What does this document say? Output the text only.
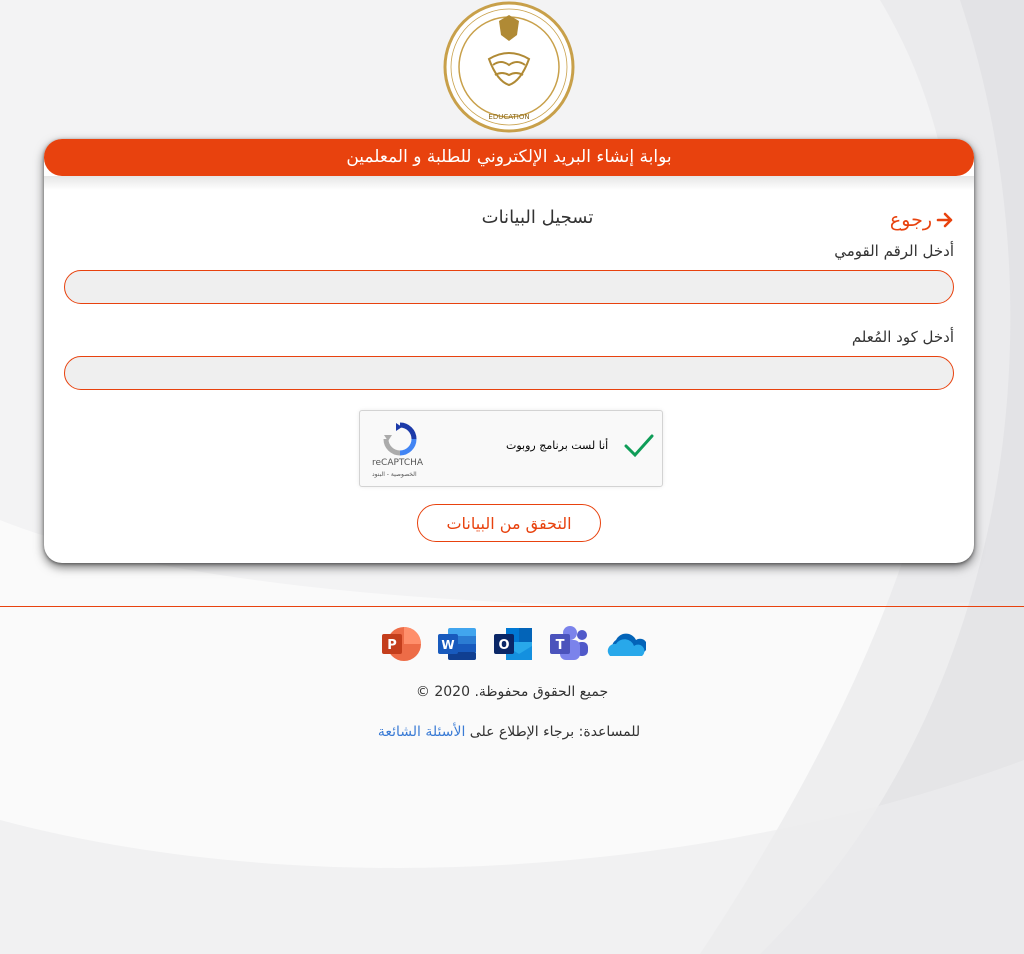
EDUCATION
بوابة إنشاء البريد الإلكتروني للطلبة و المعلمين
رجوع
تسجيل البيانات
أدخل الرقم القومي
أدخل كود المُعلم
أنا لست برنامج روبوت
reCAPTCHA
الخصوصية - البنود
التحقق من البيانات
P	W	O	T
جميع الحقوق محفوظة. 2020 ©
للمساعدة: برجاء الإطلاع على الأسئلة الشائعة
